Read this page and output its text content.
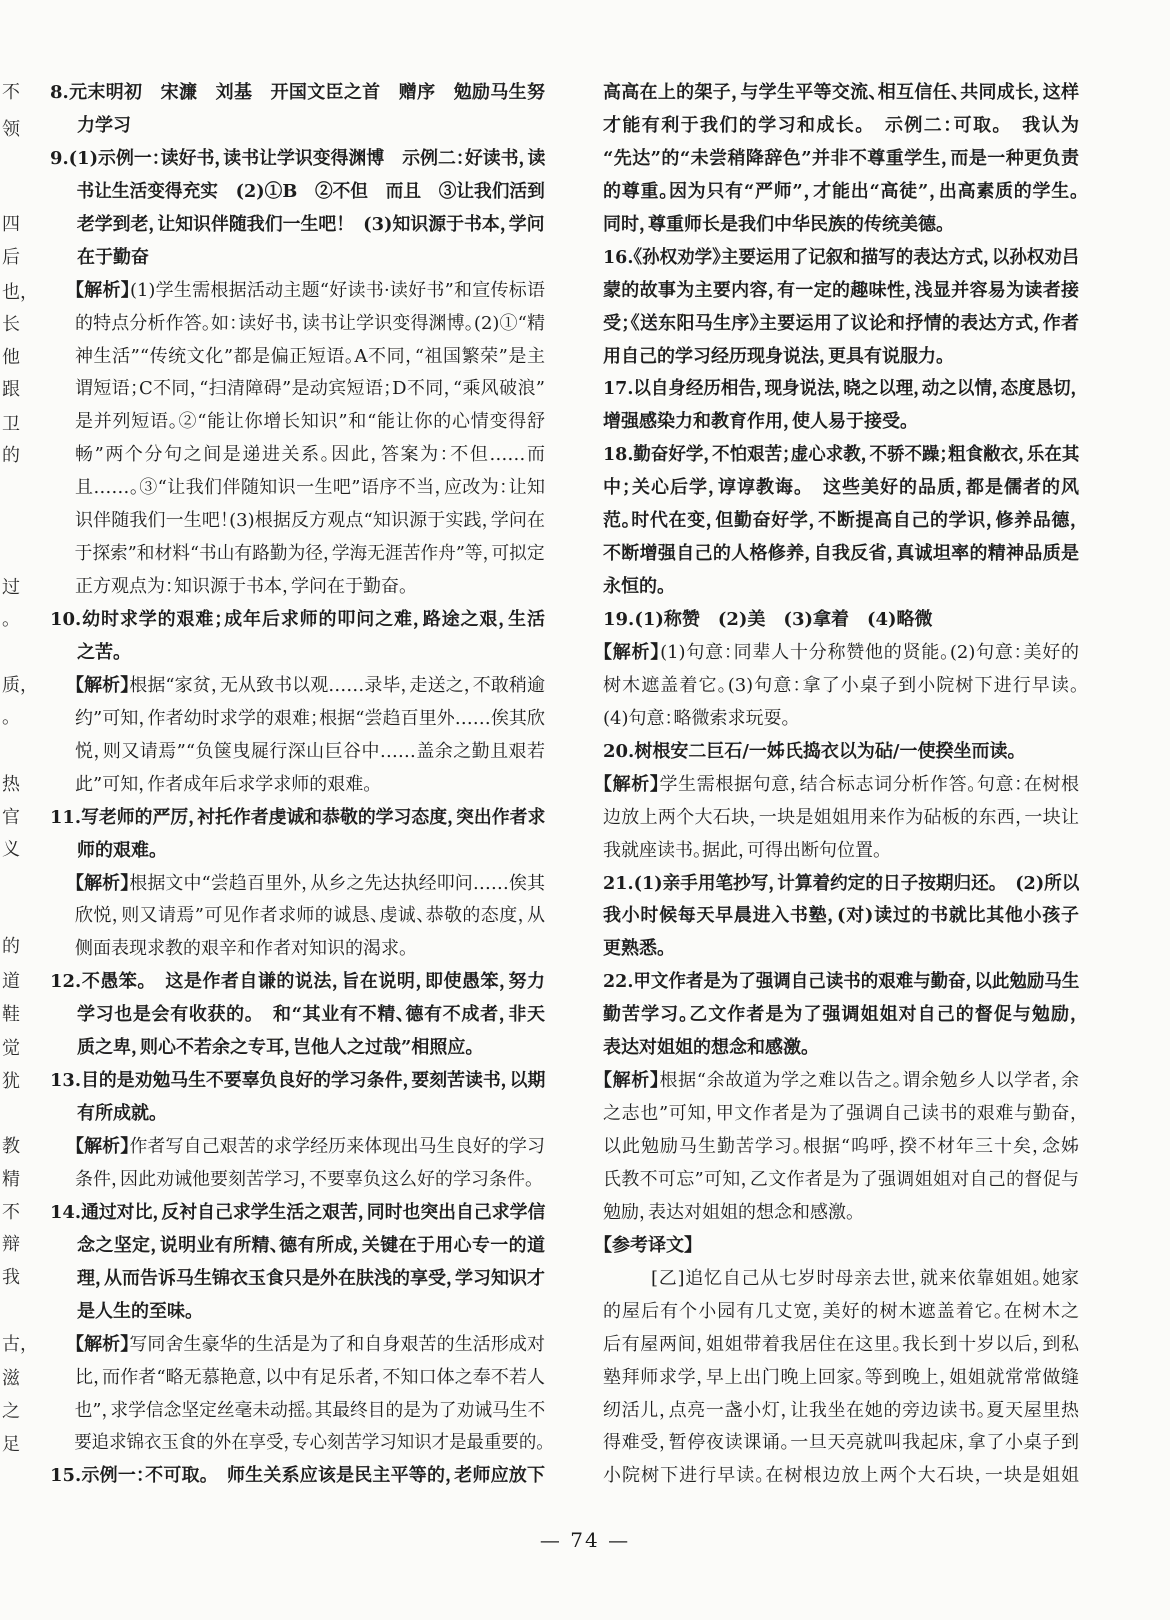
不
领
四
后
也，
长
他
跟
卫
的
过
。
质，
。
热
官
义
的
道
鞋
觉
犹
教
精
不
辩
我
古，
滋
之
足
8.元末明初　宋濂　刘基　开国文臣之首　赠序　勉励马生努
力学习
9.(1)示例一：读好书，读书让学识变得渊博　示例二：好读书，读
书让生活变得充实　(2)①B　②不但　而且　③让我们活到
老学到老，让知识伴随我们一生吧！　(3)知识源于书本，学问
在于勤奋
【解析】(1)学生需根据活动主题“好读书·读好书”和宣传标语
的特点分析作答。如：读好书，读书让学识变得渊博。(2)①“精
神生活”“传统文化”都是偏正短语。A不同，“祖国繁荣”是主
谓短语；C不同，“扫清障碍”是动宾短语；D不同，“乘风破浪”
是并列短语。②“能让你增长知识”和“能让你的心情变得舒
畅”两个分句之间是递进关系。因此，答案为：不但……而
且……。③“让我们伴随知识一生吧”语序不当，应改为：让知
识伴随我们一生吧！(3)根据反方观点“知识源于实践，学问在
于探索”和材料“书山有路勤为径，学海无涯苦作舟”等，可拟定
正方观点为：知识源于书本，学问在于勤奋。
10.幼时求学的艰难；成年后求师的叩问之难，路途之艰，生活
之苦。
【解析】根据“家贫，无从致书以观……录毕，走送之，不敢稍逾
约”可知，作者幼时求学的艰难；根据“尝趋百里外……俟其欣
悦，则又请焉”“负箧曳屣行深山巨谷中……盖余之勤且艰若
此”可知，作者成年后求学求师的艰难。
11.写老师的严厉，衬托作者虔诚和恭敬的学习态度，突出作者求
师的艰难。
【解析】根据文中“尝趋百里外，从乡之先达执经叩问……俟其
欣悦，则又请焉”可见作者求师的诚恳、虔诚、恭敬的态度，从
侧面表现求教的艰辛和作者对知识的渴求。
12.不愚笨。　这是作者自谦的说法，旨在说明，即使愚笨，努力
学习也是会有收获的。　和“其业有不精、德有不成者，非天
质之卑，则心不若余之专耳，岂他人之过哉”相照应。
13.目的是劝勉马生不要辜负良好的学习条件，要刻苦读书，以期
有所成就。
【解析】作者写自己艰苦的求学经历来体现出马生良好的学习
条件，因此劝诫他要刻苦学习，不要辜负这么好的学习条件。
14.通过对比，反衬自己求学生活之艰苦，同时也突出自己求学信
念之坚定，说明业有所精、德有所成，关键在于用心专一的道
理，从而告诉马生锦衣玉食只是外在肤浅的享受，学习知识才
是人生的至味。
【解析】写同舍生豪华的生活是为了和自身艰苦的生活形成对
比，而作者“略无慕艳意，以中有足乐者，不知口体之奉不若人
也”，求学信念坚定丝毫未动摇。其最终目的是为了劝诫马生不
要追求锦衣玉食的外在享受，专心刻苦学习知识才是最重要的。
15.示例一：不可取。　师生关系应该是民主平等的，老师应放下
高高在上的架子，与学生平等交流、相互信任、共同成长，这样
才能有利于我们的学习和成长。　示例二：可取。　我认为
“先达”的“未尝稍降辞色”并非不尊重学生，而是一种更负责
的尊重。因为只有“严师”，才能出“高徒”，出高素质的学生。
同时，尊重师长是我们中华民族的传统美德。
16.《孙权劝学》主要运用了记叙和描写的表达方式，以孙权劝吕
蒙的故事为主要内容，有一定的趣味性，浅显并容易为读者接
受；《送东阳马生序》主要运用了议论和抒情的表达方式，作者
用自己的学习经历现身说法，更具有说服力。
17.以自身经历相告，现身说法，晓之以理，动之以情，态度恳切，
增强感染力和教育作用，使人易于接受。
18.勤奋好学，不怕艰苦；虚心求教，不骄不躁；粗食敝衣，乐在其
中；关心后学，谆谆教诲。　这些美好的品质，都是儒者的风
范。时代在变，但勤奋好学，不断提高自己的学识，修养品德，
不断增强自己的人格修养，自我反省，真诚坦率的精神品质是
永恒的。
19.(1)称赞　(2)美　(3)拿着　(4)略微
【解析】(1)句意：同辈人十分称赞他的贤能。(2)句意：美好的
树木遮盖着它。(3)句意：拿了小桌子到小院树下进行早读。
(4)句意：略微索求玩耍。
20.树根安二巨石/一姊氏捣衣以为砧/一使揆坐而读。
【解析】学生需根据句意，结合标志词分析作答。句意：在树根
边放上两个大石块，一块是姐姐用来作为砧板的东西，一块让
我就座读书。据此，可得出断句位置。
21.(1)亲手用笔抄写，计算着约定的日子按期归还。　(2)所以
我小时候每天早晨进入书塾，(对)读过的书就比其他小孩子
更熟悉。
22.甲文作者是为了强调自己读书的艰难与勤奋，以此勉励马生
勤苦学习。乙文作者是为了强调姐姐对自己的督促与勉励，
表达对姐姐的想念和感激。
【解析】根据“余故道为学之难以告之。谓余勉乡人以学者，余
之志也”可知，甲文作者是为了强调自己读书的艰难与勤奋，
以此勉励马生勤苦学习。根据“呜呼，揆不材年三十矣，念姊
氏教不可忘”可知，乙文作者是为了强调姐姐对自己的督促与
勉励，表达对姐姐的想念和感激。
【参考译文】
[乙]追忆自己从七岁时母亲去世，就来依靠姐姐。她家
的屋后有个小园有几丈宽，美好的树木遮盖着它。在树木之
后有屋两间，姐姐带着我居住在这里。我长到十岁以后，到私
塾拜师求学，早上出门晚上回家。等到晚上，姐姐就常常做缝
纫活儿，点亮一盏小灯，让我坐在她的旁边读书。夏天屋里热
得难受，暂停夜读课诵。一旦天亮就叫我起床，拿了小桌子到
小院树下进行早读。在树根边放上两个大石块，一块是姐姐
— 74 —
